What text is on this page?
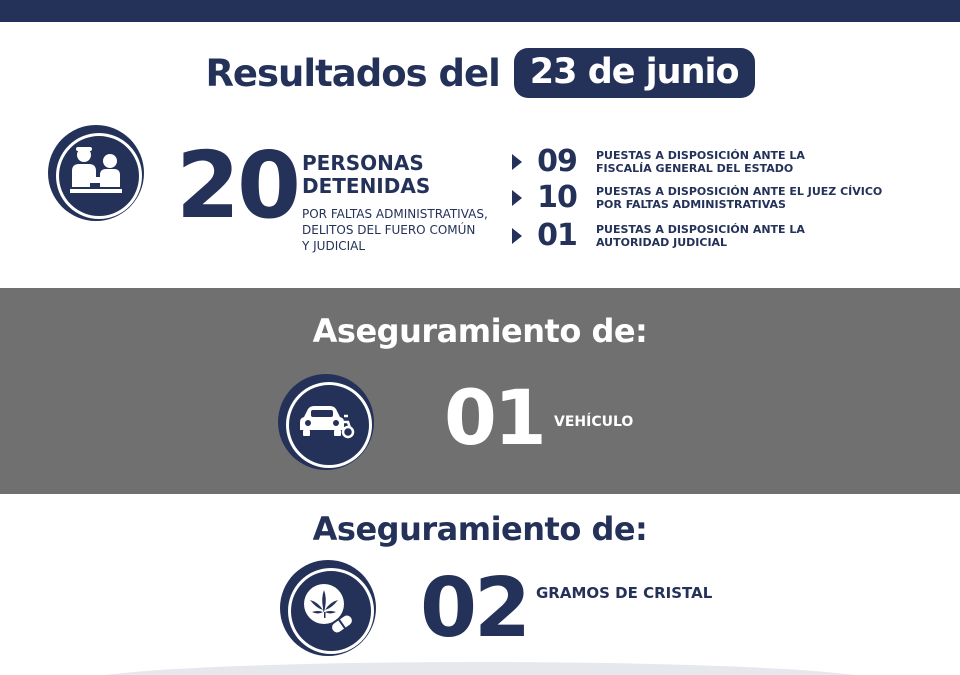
Resultados del 23 de junio
20 PERSONAS
DETENIDAS
POR FALTAS ADMINISTRATIVAS,
DELITOS DEL FUERO COMÚN
Y JUDICIAL
09	PUESTAS A DISPOSICIÓN ANTE LA
FISCALÍA GENERAL DEL ESTADO
10	PUESTAS A DISPOSICIÓN ANTE EL JUEZ CÍVICO
POR FALTAS ADMINISTRATIVAS
01	PUESTAS A DISPOSICIÓN ANTE LA
AUTORIDAD JUDICIAL
Aseguramiento de:
01 VEHÍCULO
Aseguramiento de:
02 GRAMOS DE CRISTAL
